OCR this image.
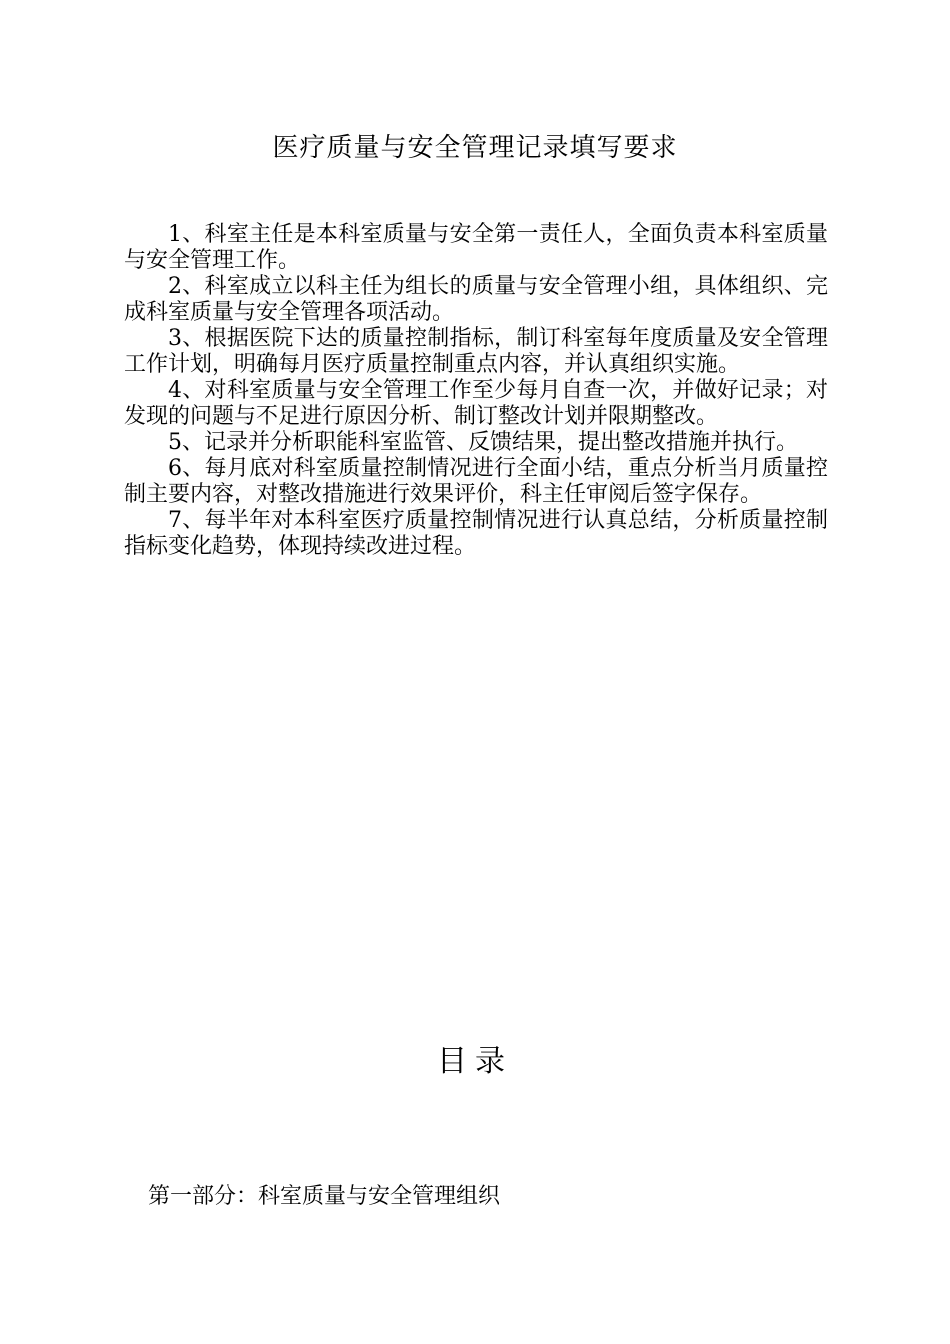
医疗质量与安全管理记录填写要求

1、科室主任是本科室质量与安全第一责任人，全面负责本科室质量与安全管理工作。

2、科室成立以科主任为组长的质量与安全管理小组，具体组织、完成科室质量与安全管理各项活动。

3、根据医院下达的质量控制指标，制订科室每年度质量及安全管理工作计划，明确每月医疗质量控制重点内容，并认真组织实施。

4、对科室质量与安全管理工作至少每月自查一次，并做好记录；对发现的问题与不足进行原因分析、制订整改计划并限期整改。

5、记录并分析职能科室监管、反馈结果，提出整改措施并执行。

6、每月底对科室质量控制情况进行全面小结，重点分析当月质量控制主要内容，对整改措施进行效果评价，科主任审阅后签字保存。

7、每半年对本科室医疗质量控制情况进行认真总结，分析质量控制指标变化趋势，体现持续改进过程。

目录
第一部分：科室质量与安全管理组织
